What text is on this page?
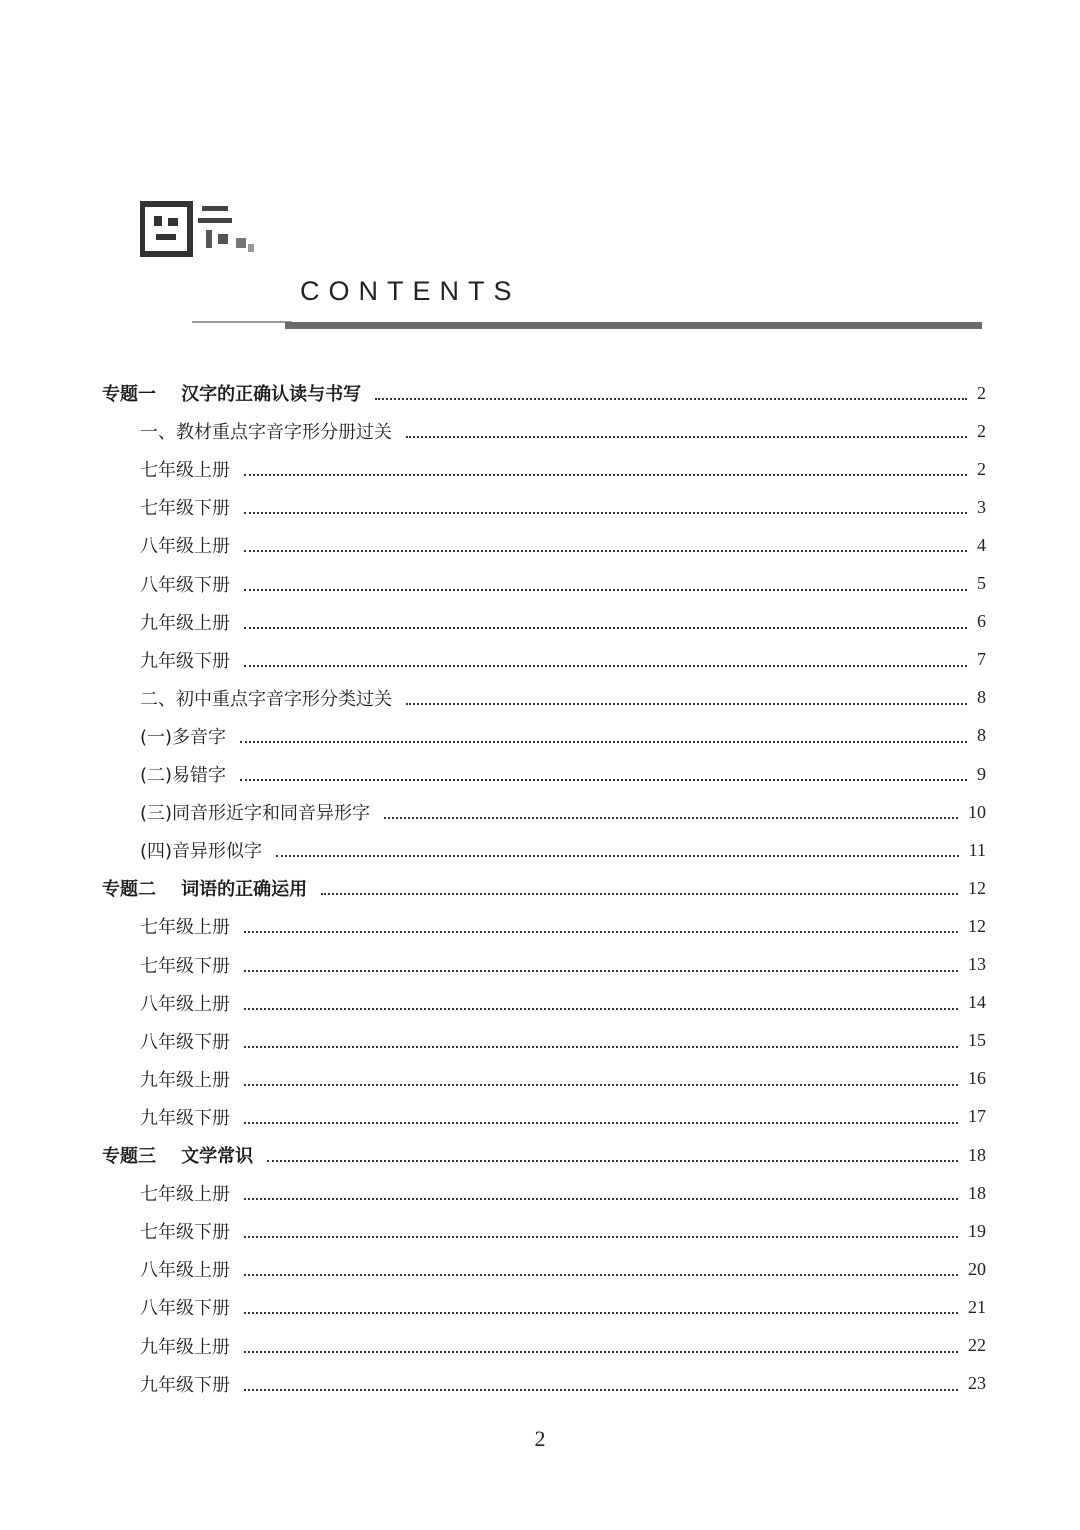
CONTENTS
专题一    汉字的正确认读与书写	2
一、教材重点字音字形分册过关	2
七年级上册	2
七年级下册	3
八年级上册	4
八年级下册	5
九年级上册	6
九年级下册	7
二、初中重点字音字形分类过关	8
(一)多音字	8
(二)易错字	9
(三)同音形近字和同音异形字	10
(四)音异形似字	11
专题二    词语的正确运用	12
七年级上册	12
七年级下册	13
八年级上册	14
八年级下册	15
九年级上册	16
九年级下册	17
专题三    文学常识	18
七年级上册	18
七年级下册	19
八年级上册	20
八年级下册	21
九年级上册	22
九年级下册	23
2
